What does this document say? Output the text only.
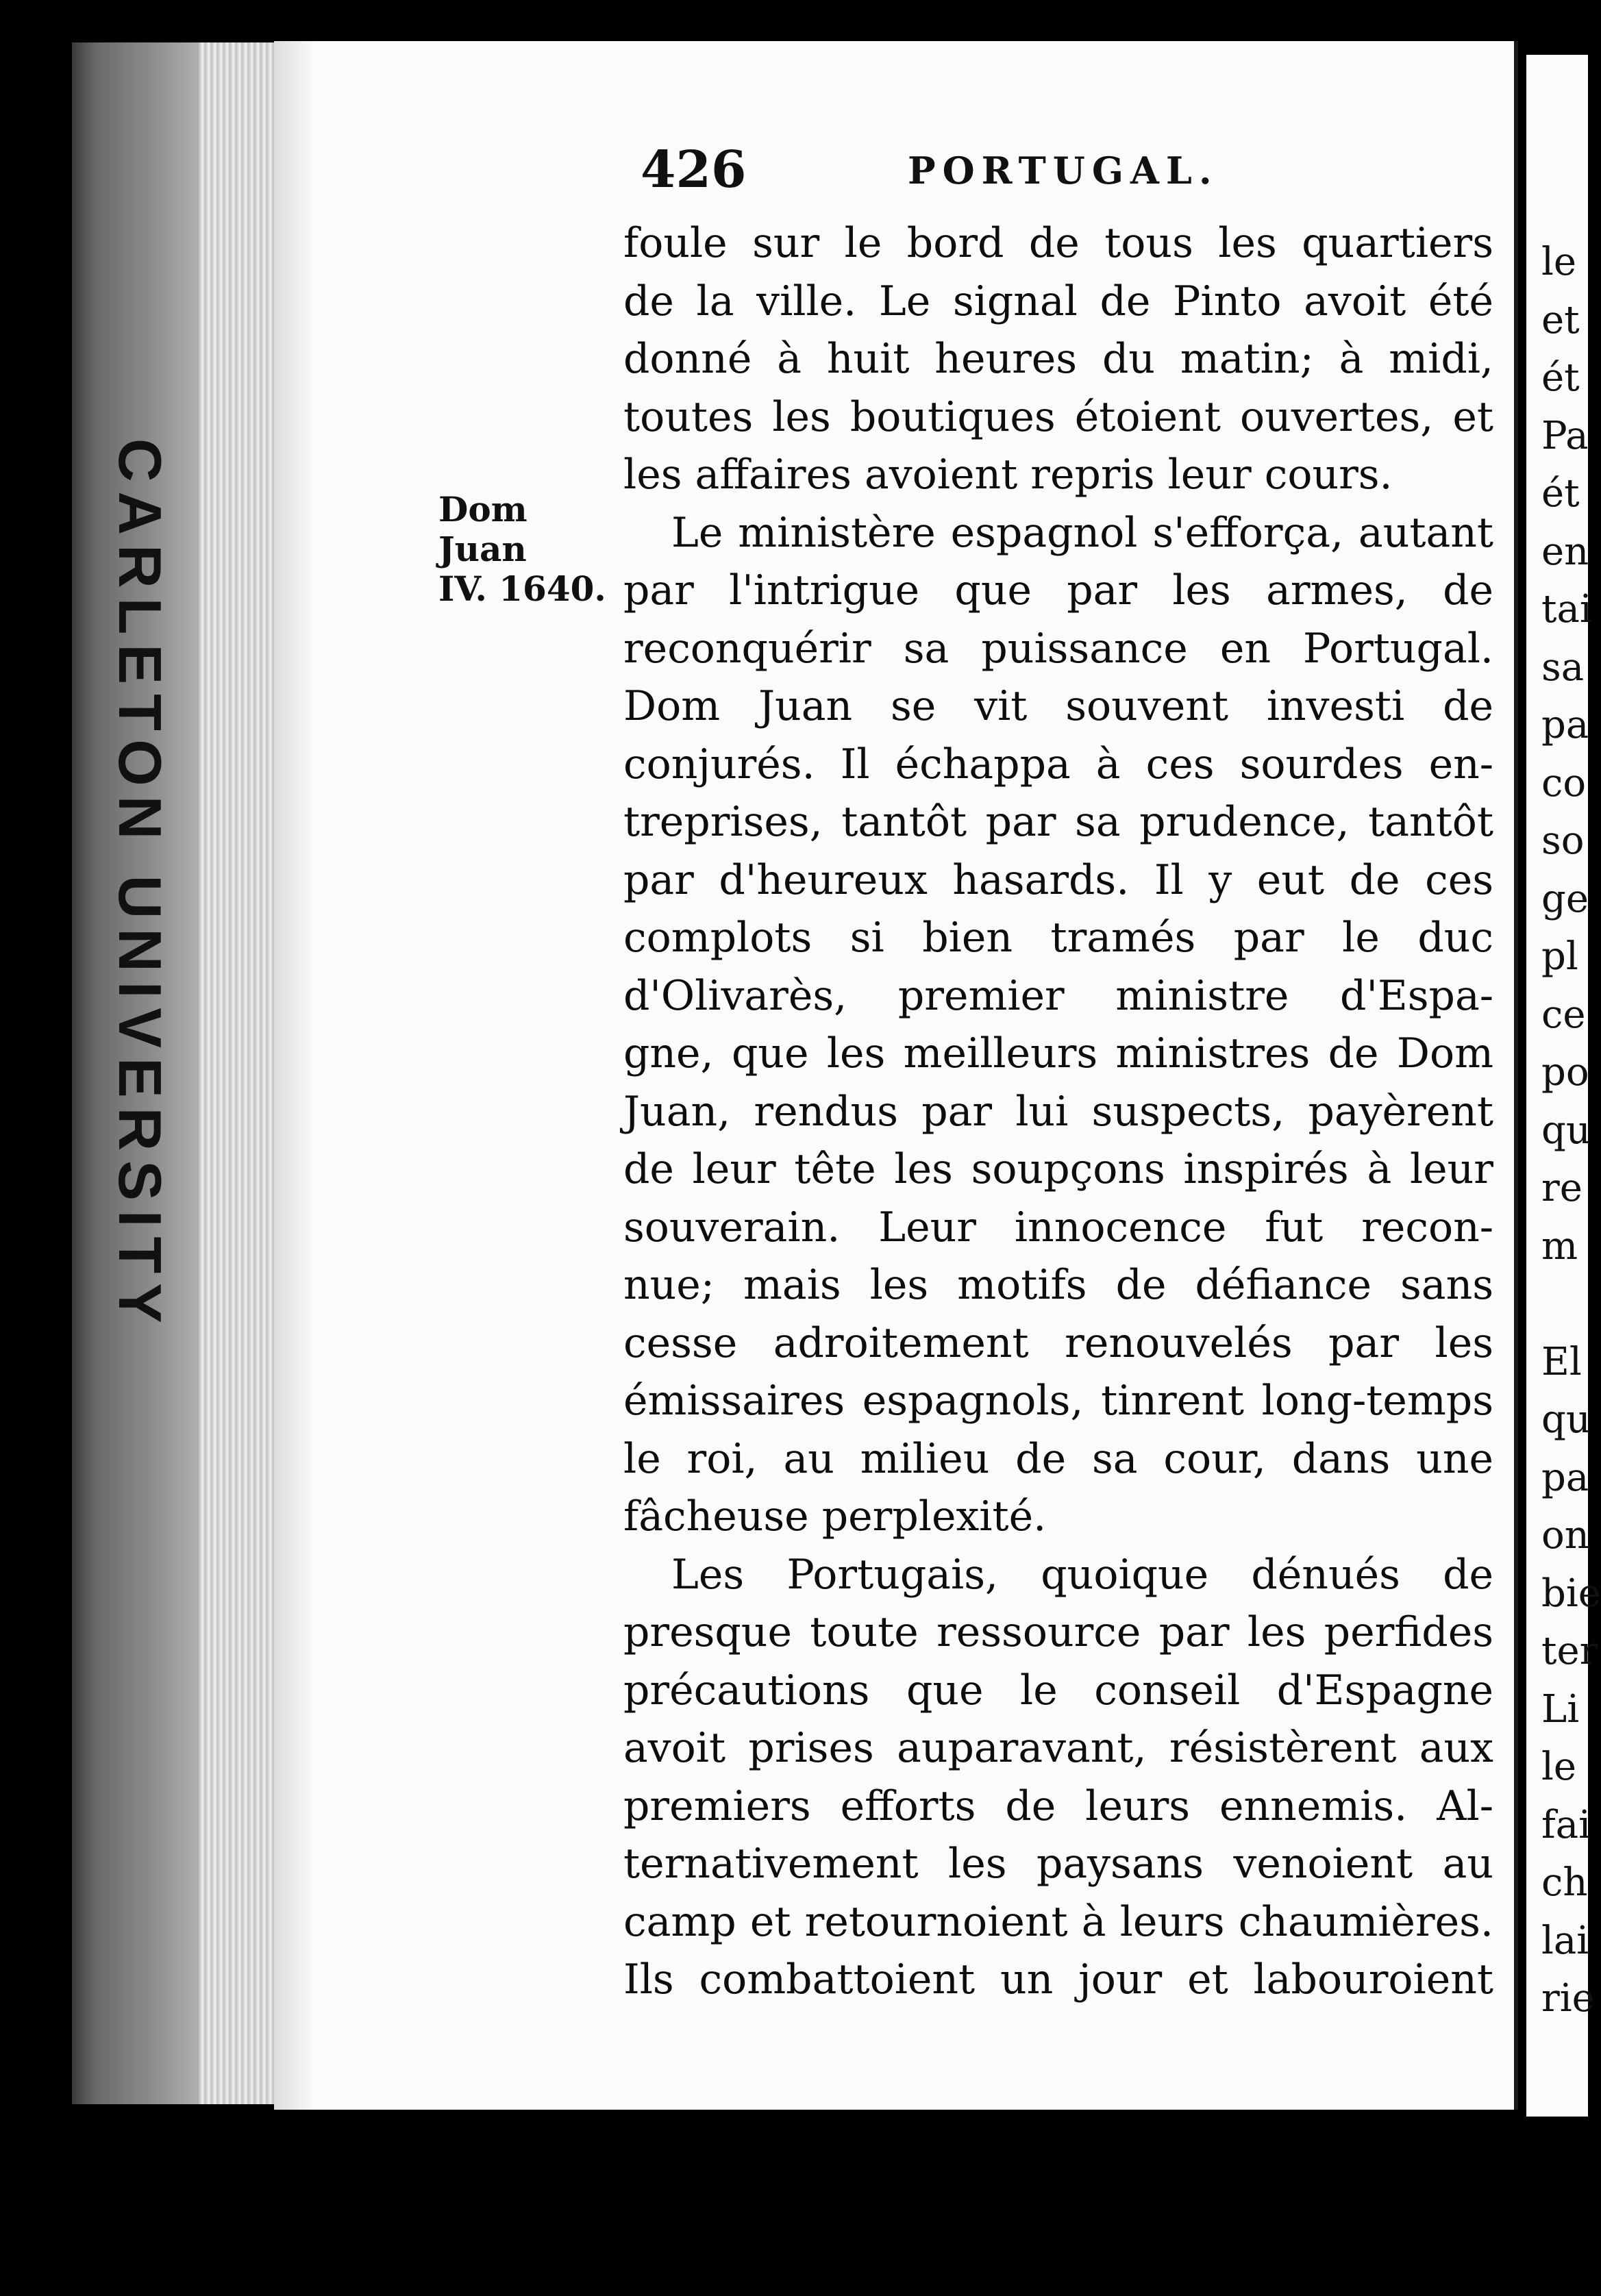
CARLETON UNIVERSITY
le
et
ét
Pa
ét
en
tai
sa
pa
co
so
ge
pl
ce
po
qu
re
m
El
qu
pa
on
bie
ter
Li
le
fai
ch
lai
rie
426	PORTUGAL.
Dom Juan
IV. 1640.
foule sur le bord de tous les quartiers
de la ville. Le signal de Pinto avoit été
donné à huit heures du matin; à midi,
toutes les boutiques étoient ouvertes, et
les affaires avoient repris leur cours.
Le ministère espagnol s'efforça, autant
par l'intrigue que par les armes, de
reconquérir sa puissance en Portugal.
Dom Juan se vit souvent investi de
conjurés. Il échappa à ces sourdes en-
treprises, tantôt par sa prudence, tantôt
par d'heureux hasards. Il y eut de ces
complots si bien tramés par le duc
d'Olivarès, premier ministre d'Espa-
gne, que les meilleurs ministres de Dom
Juan, rendus par lui suspects, payèrent
de leur tête les soupçons inspirés à leur
souverain. Leur innocence fut recon-
nue; mais les motifs de défiance sans
cesse adroitement renouvelés par les
émissaires espagnols, tinrent long-temps
le roi, au milieu de sa cour, dans une
fâcheuse perplexité.
Les Portugais, quoique dénués de
presque toute ressource par les perfides
précautions que le conseil d'Espagne
avoit prises auparavant, résistèrent aux
premiers efforts de leurs ennemis. Al-
ternativement les paysans venoient au
camp et retournoient à leurs chaumières.
Ils combattoient un jour et labouroient
